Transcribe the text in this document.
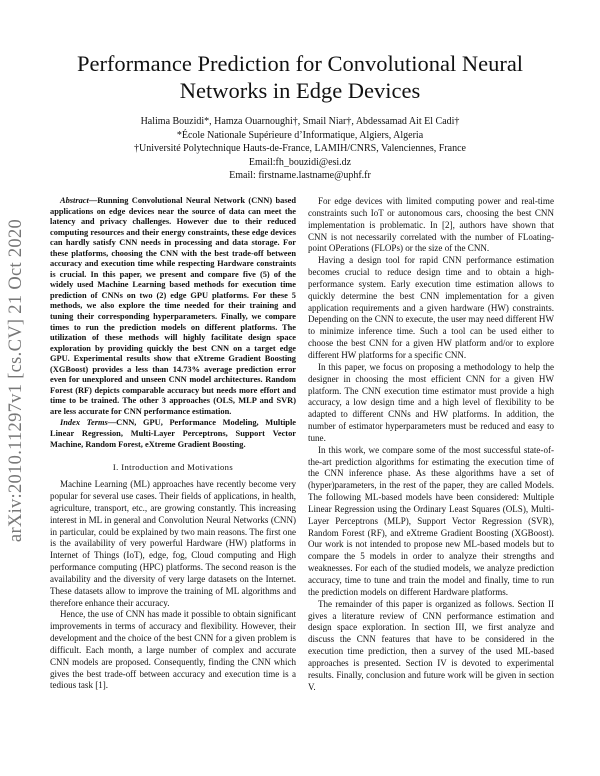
arXiv:2010.11297v1 [cs.CV] 21 Oct 2020
Performance Prediction for Convolutional Neural Networks in Edge Devices
Halima Bouzidi*, Hamza Ouarnoughi†, Smail Niar†, Abdessamad Ait El Cadi†
*École Nationale Supérieure d’Informatique, Algiers, Algeria
†Université Polytechnique Hauts-de-France, LAMIH/CNRS, Valenciennes, France
Email:fh_bouzidi@esi.dz
Email: firstname.lastname@uphf.fr

Abstract—Running Convolutional Neural Network (CNN) based applications on edge devices near the source of data can meet the latency and privacy challenges. However due to their reduced computing resources and their energy constraints, these edge devices can hardly satisfy CNN needs in processing and data storage. For these platforms, choosing the CNN with the best trade-off between accuracy and execution time while respecting Hardware constraints is crucial. In this paper, we present and compare five (5) of the widely used Machine Learning based methods for execution time prediction of CNNs on two (2) edge GPU platforms. For these 5 methods, we also explore the time needed for their training and tuning their corresponding hyperparameters. Finally, we compare times to run the prediction models on different platforms. The utilization of these methods will highly facilitate design space exploration by providing quickly the best CNN on a target edge GPU. Experimental results show that eXtreme Gradient Boosting (XGBoost) provides a less than 14.73% average prediction error even for unexplored and unseen CNN model architectures. Random Forest (RF) depicts comparable accuracy but needs more effort and time to be trained. The other 3 approaches (OLS, MLP and SVR) are less accurate for CNN performance estimation.

Index Terms—CNN, GPU, Performance Modeling, Multiple Linear Regression, Multi-Layer Perceptrons, Support Vector Machine, Random Forest, eXtreme Gradient Boosting.

I. Introduction and Motivations

Machine Learning (ML) approaches have recently become very popular for several use cases. Their fields of applications, in health, agriculture, transport, etc., are growing constantly. This increasing interest in ML in general and Convolution Neural Networks (CNN) in particular, could be explained by two main reasons. The first one is the availability of very powerful Hardware (HW) platforms in Internet of Things (IoT), edge, fog, Cloud computing and High performance computing (HPC) platforms. The second reason is the availability and the diversity of very large datasets on the Internet. These datasets allow to improve the training of ML algorithms and therefore enhance their accuracy.

Hence, the use of CNN has made it possible to obtain significant improvements in terms of accuracy and flexibility. However, their development and the choice of the best CNN for a given problem is difficult. Each month, a large number of complex and accurate CNN models are proposed. Consequently, finding the CNN which gives the best trade-off between accuracy and execution time is a tedious task [1].

For edge devices with limited computing power and real-time constraints such IoT or autonomous cars, choosing the best CNN implementation is problematic. In [2], authors have shown that CNN is not necessarily correlated with the number of FLoating-point OPerations (FLOPs) or the size of the CNN.

Having a design tool for rapid CNN performance estimation becomes crucial to reduce design time and to obtain a high-performance system. Early execution time estimation allows to quickly determine the best CNN implementation for a given application requirements and a given hardware (HW) constraints. Depending on the CNN to execute, the user may need different HW to minimize inference time. Such a tool can be used either to choose the best CNN for a given HW platform and/or to explore different HW platforms for a specific CNN.

In this paper, we focus on proposing a methodology to help the designer in choosing the most efficient CNN for a given HW platform. The CNN execution time estimator must provide a high accuracy, a low design time and a high level of flexibility to be adapted to different CNNs and HW platforms. In addition, the number of estimator hyperparameters must be reduced and easy to tune.

In this work, we compare some of the most successful state-of-the-art prediction algorithms for estimating the execution time of the CNN inference phase. As these algorithms have a set of (hyper)parameters, in the rest of the paper, they are called Models. The following ML-based models have been considered: Multiple Linear Regression using the Ordinary Least Squares (OLS), Multi-Layer Perceptrons (MLP), Support Vector Regression (SVR), Random Forest (RF), and eXtreme Gradient Boosting (XGBoost). Our work is not intended to propose new ML-based models but to compare the 5 models in order to analyze their strengths and weaknesses. For each of the studied models, we analyze prediction accuracy, time to tune and train the model and finally, time to run the prediction models on different Hardware platforms.

The remainder of this paper is organized as follows. Section II gives a literature review of CNN performance estimation and design space exploration. In section III, we first analyze and discuss the CNN features that have to be considered in the execution time prediction, then a survey of the used ML-based approaches is presented. Section IV is devoted to experimental results. Finally, conclusion and future work will be given in section V.
